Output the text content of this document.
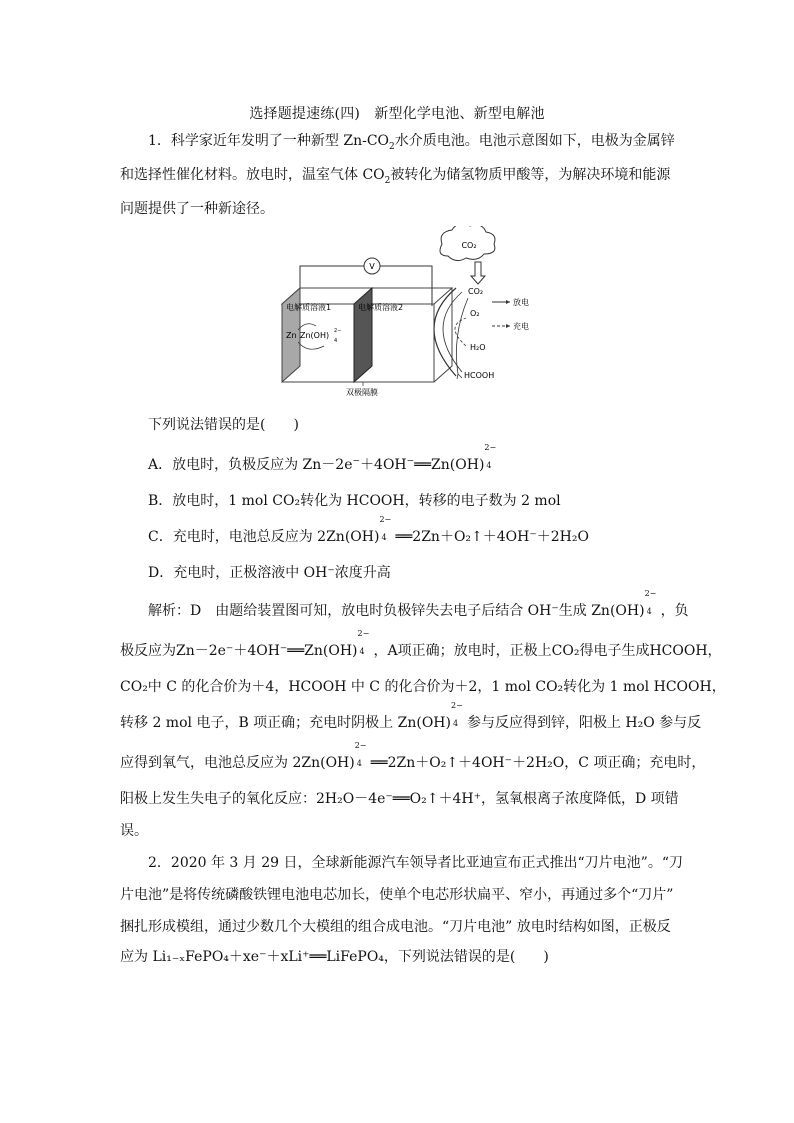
选择题提速练(四)　新型化学电池、新型电解池
1．科学家近年发明了一种新型 $Zn-CO_2$水介质电池。电池示意图如下，电极为金属锌
和选择性催化材料。放电时，温室气体 $CO_2$被转化为储氢物质甲酸等，为解决环境和能源
问题提供了一种新途径。
CO₂
V
电解质溶液1	电解质溶液2
Zn Zn(OH) 2−
4
CO₂
O₂
H₂O
HCOOH
放电
充电
双极隔膜
下列说法错误的是(　　)
A．放电时，负极反应为 Zn－2e−＋4OH−══Zn(OH)
2−
4
B．放电时，1 mol CO₂转化为 HCOOH，转移的电子数为 2 mol
C．充电时，电池总反应为 2Zn(OH)
2−
4 ══2Zn＋O₂↑＋4OH⁻＋2H₂O
D．充电时，正极溶液中 OH⁻浓度升高
解析：D　由题给装置图可知，放电时负极锌失去电子后结合 OH⁻生成 Zn(OH)
2−
4 ，负
极反应为Zn－2e⁻＋4OH⁻══Zn(OH)
2−
4 ，A项正确；放电时，正极上CO₂得电子生成HCOOH，
CO₂中 C 的化合价为＋4，HCOOH 中 C 的化合价为＋2，1 mol CO₂转化为 1 mol HCOOH，
转移 2 mol 电子，B 项正确；充电时阴极上 Zn(OH)
2−
4 参与反应得到锌，阳极上 H₂O 参与反
应得到氧气，电池总反应为 2Zn(OH)
2−
4 ══2Zn＋O₂↑＋4OH⁻＋2H₂O，C 项正确；充电时，
阳极上发生失电子的氧化反应：2H₂O－4e⁻══O₂↑＋4H⁺，氢氧根离子浓度降低，D 项错
误。
2．2020 年 3 月 29 日，全球新能源汽车领导者比亚迪宣布正式推出“刀片电池”。“刀
片电池”是将传统磷酸铁锂电池电芯加长，使单个电芯形状扁平、窄小，再通过多个“刀片”
捆扎形成模组，通过少数几个大模组的组合成电池。“刀片电池” 放电时结构如图，正极反
应为 Li₁₋ₓFePO₄＋xe⁻＋xLi⁺══LiFePO₄，下列说法错误的是(　　)
